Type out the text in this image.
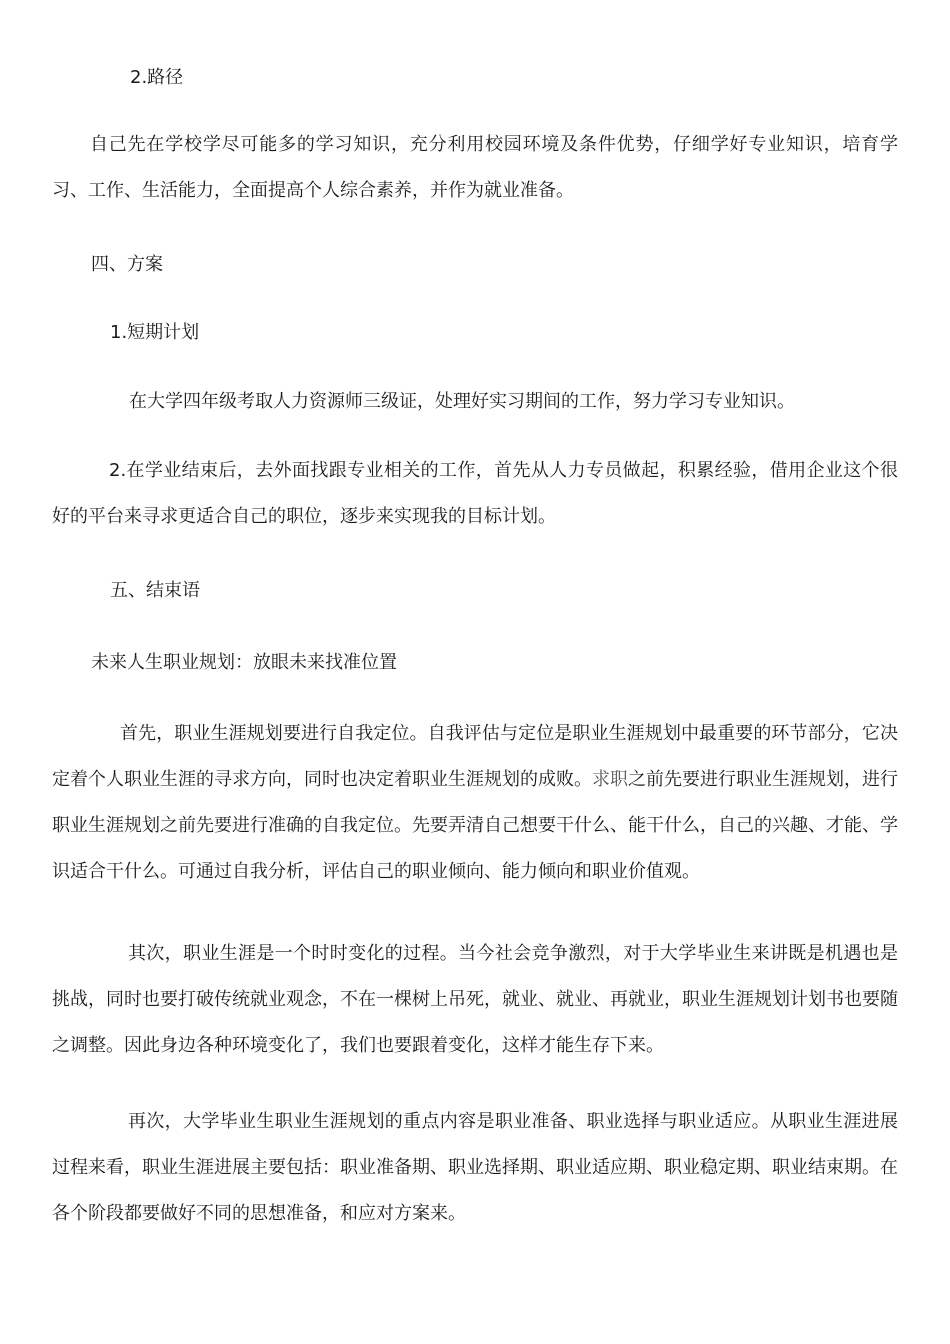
2.路径
自己先在学校学尽可能多的学习知识，充分利用校园环境及条件优势，仔细学好专业知识，培育学习、工作、生活能力，全面提高个人综合素养，并作为就业准备。
四、方案
1.短期计划
在大学四年级考取人力资源师三级证，处理好实习期间的工作，努力学习专业知识。
2.在学业结束后，去外面找跟专业相关的工作，首先从人力专员做起，积累经验，借用企业这个很好的平台来寻求更适合自己的职位，逐步来实现我的目标计划。
五、结束语
未来人生职业规划：放眼未来找准位置
首先，职业生涯规划要进行自我定位。自我评估与定位是职业生涯规划中最重要的环节部分，它决定着个人职业生涯的寻求方向，同时也决定着职业生涯规划的成败。求职之前先要进行职业生涯规划，进行职业生涯规划之前先要进行准确的自我定位。先要弄清自己想要干什么、能干什么，自己的兴趣、才能、学识适合干什么。可通过自我分析，评估自己的职业倾向、能力倾向和职业价值观。
其次，职业生涯是一个时时变化的过程。当今社会竞争激烈，对于大学毕业生来讲既是机遇也是挑战，同时也要打破传统就业观念，不在一棵树上吊死，就业、就业、再就业，职业生涯规划计划书也要随之调整。因此身边各种环境变化了，我们也要跟着变化，这样才能生存下来。
再次，大学毕业生职业生涯规划的重点内容是职业准备、职业选择与职业适应。从职业生涯进展过程来看，职业生涯进展主要包括：职业准备期、职业选择期、职业适应期、职业稳定期、职业结束期。在各个阶段都要做好不同的思想准备，和应对方案来。
